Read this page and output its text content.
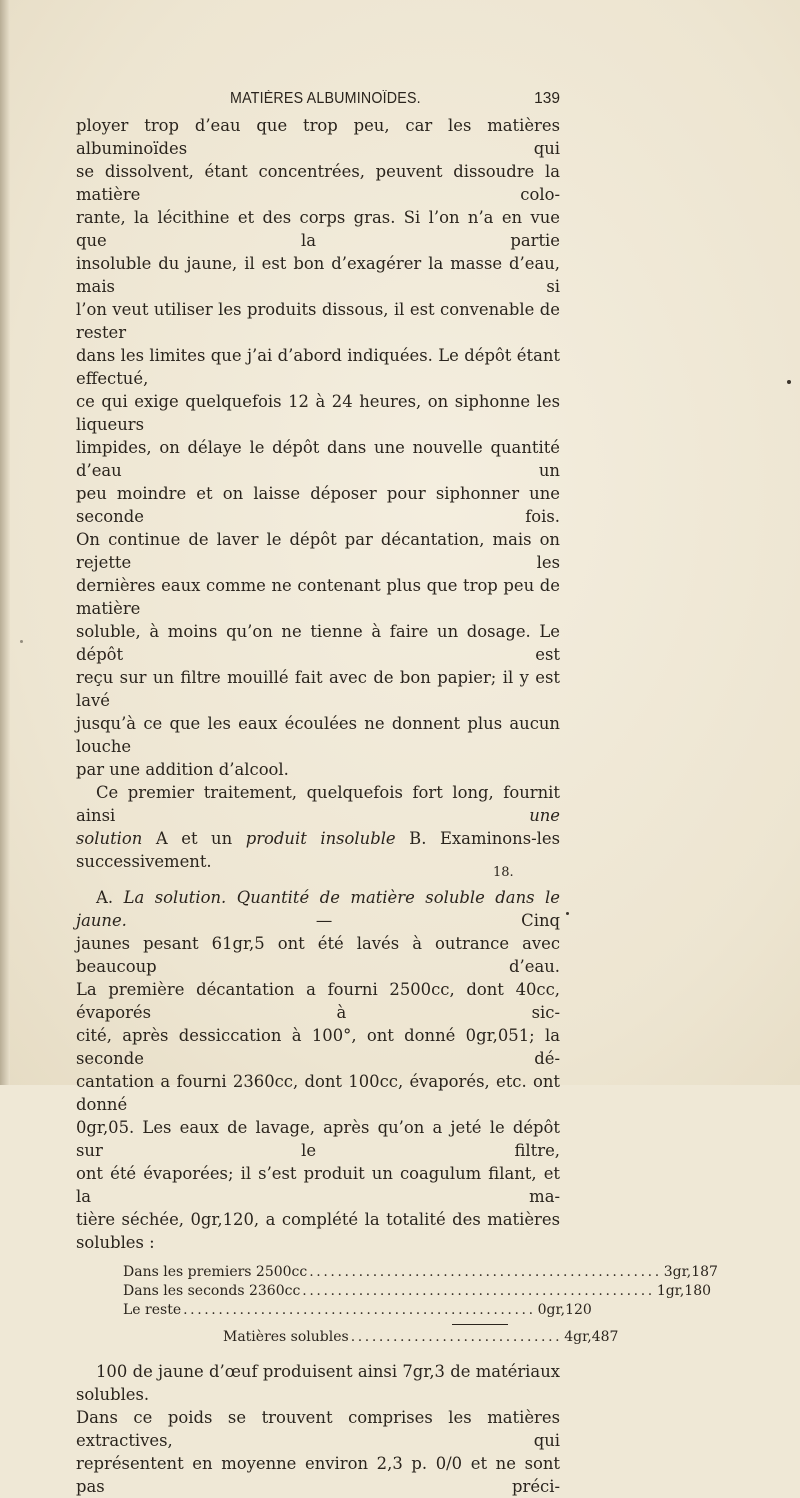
MATIÈRES ALBUMINOÏDES.	139

ployer trop d’eau que trop peu, car les matières albuminoïdes qui

se dissolvent, étant concentrées, peuvent dissoudre la matière colo-

rante, la lécithine et des corps gras. Si l’on n’a en vue que la partie

insoluble du jaune, il est bon d’exagérer la masse d’eau, mais si

l’on veut utiliser les produits dissous, il est convenable de rester

dans les limites que j’ai d’abord indiquées. Le dépôt étant effectué,

ce qui exige quelquefois 12 à 24 heures, on siphonne les liqueurs

limpides, on délaye le dépôt dans une nouvelle quantité d’eau un

peu moindre et on laisse déposer pour siphonner une seconde fois.

On continue de laver le dépôt par décantation, mais on rejette les

dernières eaux comme ne contenant plus que trop peu de matière

soluble, à moins qu’on ne tienne à faire un dosage. Le dépôt est

reçu sur un filtre mouillé fait avec de bon papier; il y est lavé

jusqu’à ce que les eaux écoulées ne donnent plus aucun louche

par une addition d’alcool.

Ce premier traitement, quelquefois fort long, fournit ainsi une

solution A et un produit insoluble B. Examinons-les successivement.

A. La solution. Quantité de matière soluble dans le jaune. — Cinq

jaunes pesant 61gr,5 ont été lavés à outrance avec beaucoup d’eau.

La première décantation a fourni 2500cc, dont 40cc, évaporés à sic-

cité, après dessiccation à 100°, ont donné 0gr,051; la seconde dé-

cantation a fourni 2360cc, dont 100cc, évaporés, etc. ont donné

0gr,05. Les eaux de lavage, après qu’on a jeté le dépôt sur le filtre,

ont été évaporées; il s’est produit un coagulum filant, et la ma-

tière séchée, 0gr,120, a complété la totalité des matières solubles :

Dans les premiers 2500cc .................................................. 3gr,187
Dans les seconds 2360cc .................................................. 1gr,180
Le reste .................................................. 0gr,120
Matières solubles .............................. 4gr,487

100 de jaune d’œuf produisent ainsi 7gr,3 de matériaux solubles.

Dans ce poids se trouvent comprises les matières extractives, qui

représentent en moyenne environ 2,3 p. 0/0 et ne sont pas préci-

18.
